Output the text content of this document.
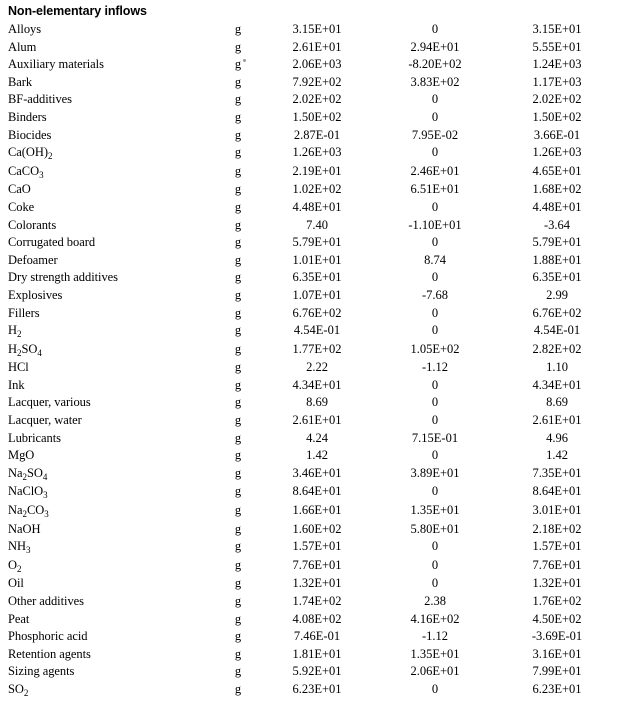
Non-elementary inflows
Alloys	g	3.15E+01	0	3.15E+01
Alum	g	2.61E+01	2.94E+01	5.55E+01
Auxiliary materials	g	2.06E+03	-8.20E+02	1.24E+03
Bark	g	7.92E+02	3.83E+02	1.17E+03
BF-additives	g	2.02E+02	0	2.02E+02
Binders	g	1.50E+02	0	1.50E+02
Biocides	g	2.87E-01	7.95E-02	3.66E-01
$Ca(OH)_2$	g	1.26E+03	0	1.26E+03
CaCO$_3$	g	2.19E+01	2.46E+01	4.65E+01
CaO	g	1.02E+02	6.51E+01	1.68E+02
Coke	g	4.48E+01	0	4.48E+01
Colorants	g	7.40	-1.10E+01	-3.64
Corrugated board	g	5.79E+01	0	5.79E+01
Defoamer	g	1.01E+01	8.74	1.88E+01
Dry strength additives	g	6.35E+01	0	6.35E+01
Explosives	g	1.07E+01	-7.68	2.99
Fillers	g	6.76E+02	0	6.76E+02
$H_2$	g	4.54E-01	0	4.54E-01
$H_2SO_4$	g	1.77E+02	1.05E+02	2.82E+02
HCl	g	2.22	-1.12	1.10
Ink	g	4.34E+01	0	4.34E+01
Lacquer, various	g	8.69	0	8.69
Lacquer, water	g	2.61E+01	0	2.61E+01
Lubricants	g	4.24	7.15E-01	4.96
MgO	g	1.42	0	1.42
$Na_2SO_4$	g	3.46E+01	3.89E+01	7.35E+01
NaClO$_3$	g	8.64E+01	0	8.64E+01
$Na_2CO_3$	g	1.66E+01	1.35E+01	3.01E+01
NaOH	g	1.60E+02	5.80E+01	2.18E+02
$NH_3$	g	1.57E+01	0	1.57E+01
$O_2$	g	7.76E+01	0	7.76E+01
Oil	g	1.32E+01	0	1.32E+01
Other additives	g	1.74E+02	2.38	1.76E+02
Peat	g	4.08E+02	4.16E+02	4.50E+02
Phosphoric acid	g	7.46E-01	-1.12	-3.69E-01
Retention agents	g	1.81E+01	1.35E+01	3.16E+01
Sizing agents	g	5.92E+01	2.06E+01	7.99E+01
$SO_2$	g	6.23E+01	0	6.23E+01
